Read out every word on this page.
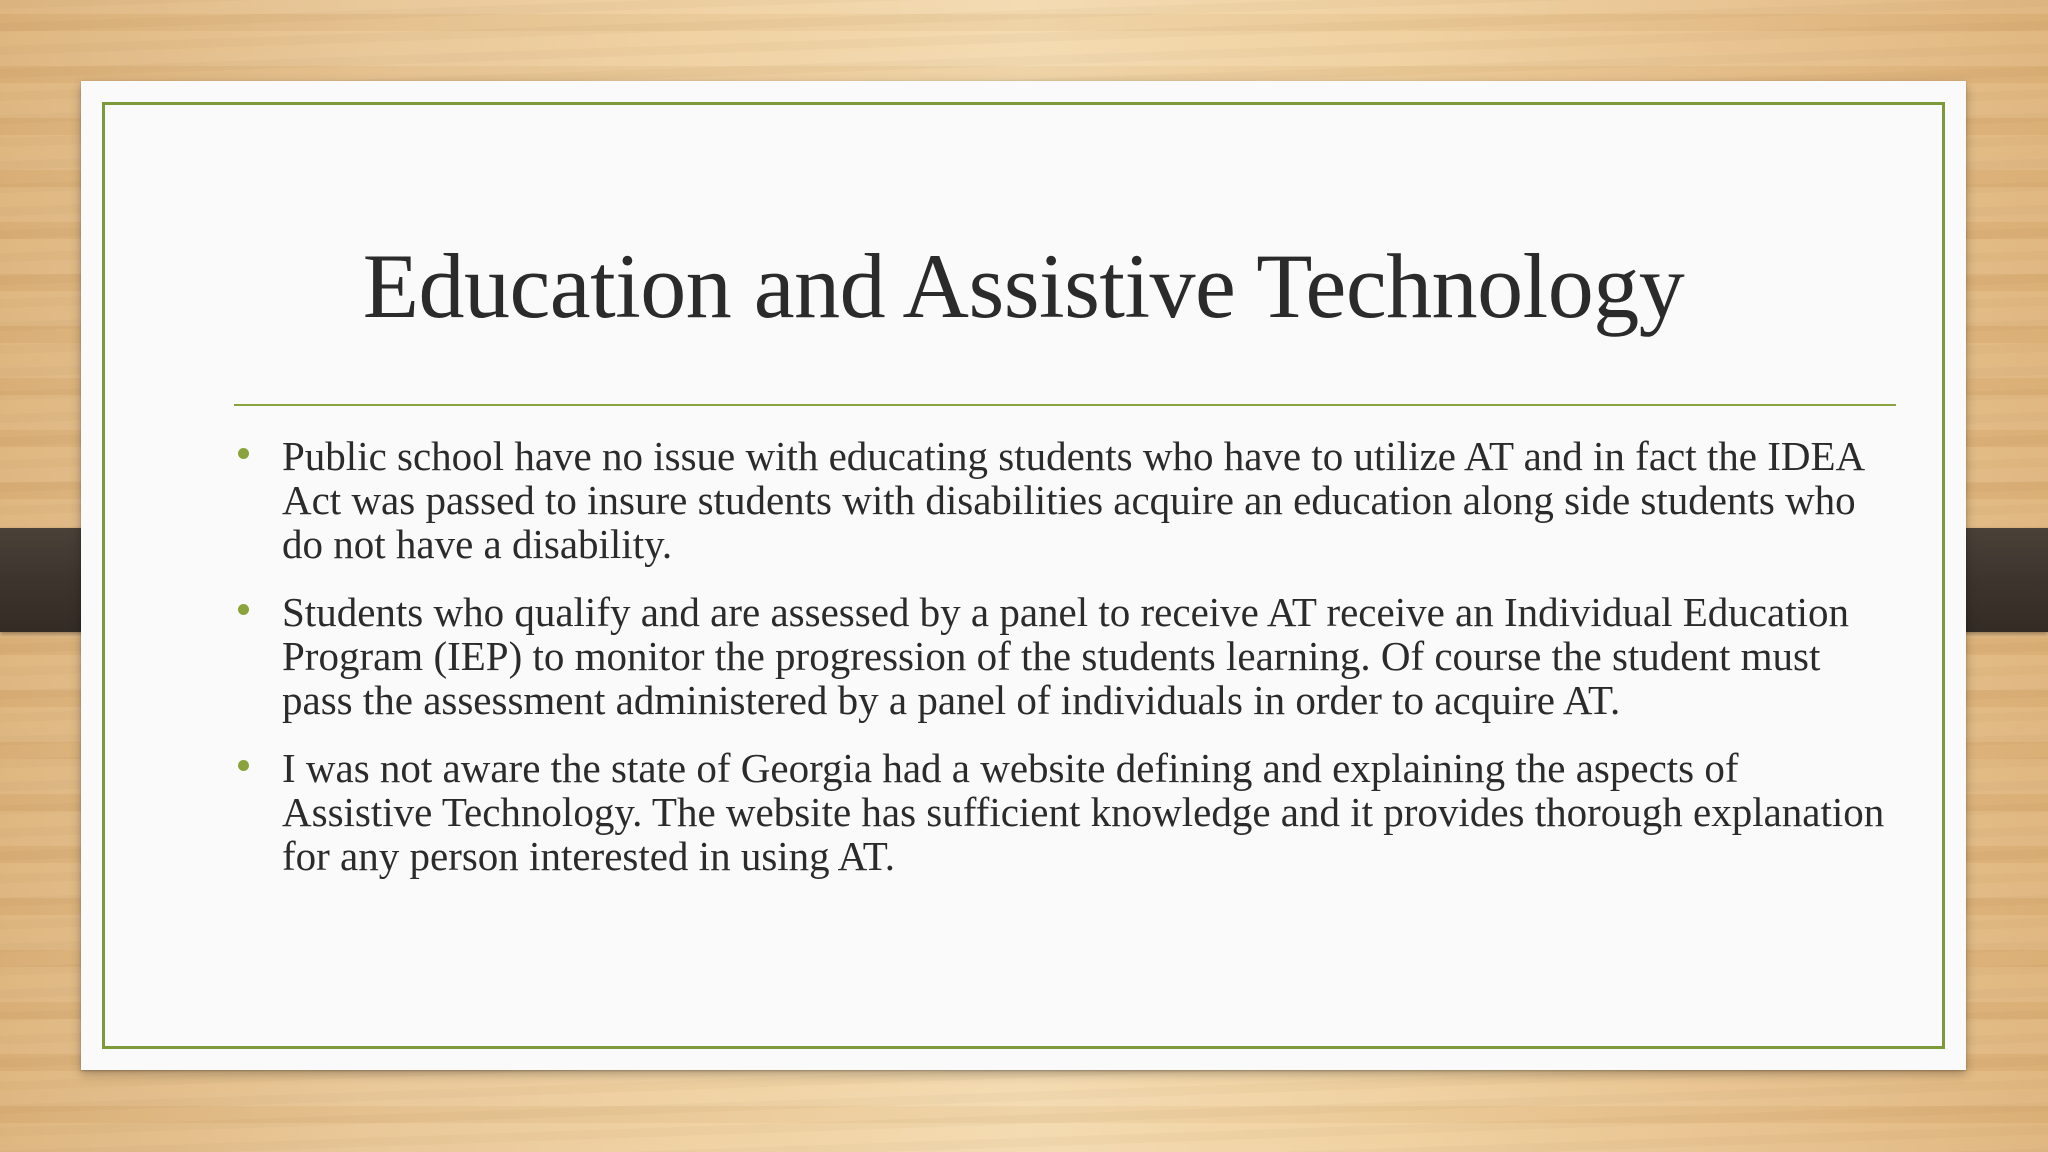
Education and Assistive Technology
Public school have no issue with educating students who have to utilize AT and in fact the IDEA Act was passed to insure students with disabilities acquire an education along side students who do not have a disability.
Students who qualify and are assessed by a panel to receive AT receive an Individual Education Program (IEP) to monitor the progression of the students learning. Of course the student must pass the assessment administered by a panel of individuals in order to acquire AT.
I was not aware the state of Georgia had a website defining and explaining the aspects of Assistive Technology. The website has sufficient knowledge and it provides thorough explanation for any person interested in using AT.
